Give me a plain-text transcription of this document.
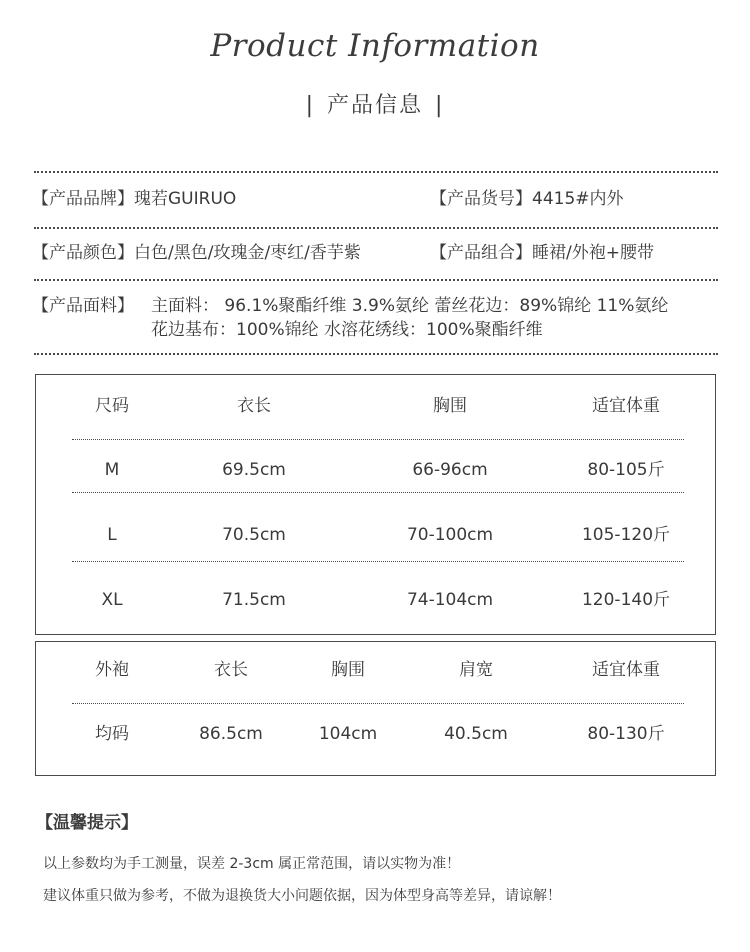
Product Information
| 产品信息 |
【产品品牌】瑰若GUIRUO	【产品货号】4415#内外
【产品颜色】白色/黑色/玫瑰金/枣红/香芋紫	【产品组合】睡裙/外袍+腰带
【产品面料】 主面料： 96.1%聚酯纤维 3.9%氨纶 蕾丝花边：89%锦纶 11%氨纶
花边基布：100%锦纶 水溶花绣线：100%聚酯纤维
尺码	衣长	胸围	适宜体重
M	69.5cm	66-96cm	80-105斤
L	70.5cm	70-100cm	105-120斤
XL	71.5cm	74-104cm	120-140斤
外袍	衣长	胸围	肩宽	适宜体重
均码	86.5cm	104cm	40.5cm	80-130斤
【温馨提示】
以上参数均为手工测量，误差 2-3cm 属正常范围，请以实物为准！
建议体重只做为参考，不做为退换货大小问题依据，因为体型身高等差异，请谅解！
